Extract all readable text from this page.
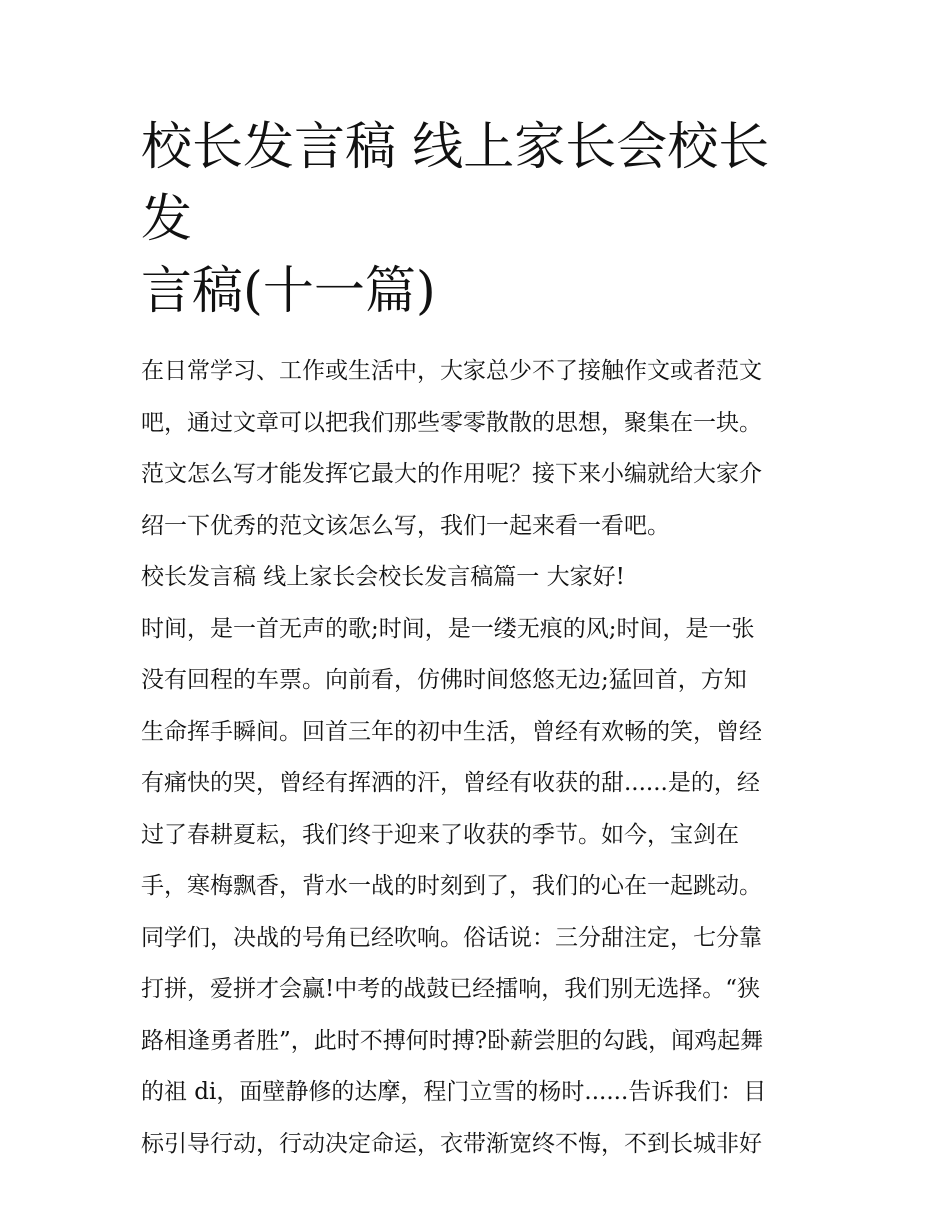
校长发言稿 线上家长会校长发
言稿(十一篇)
在日常学习、工作或生活中，大家总少不了接触作文或者范文
吧，通过文章可以把我们那些零零散散的思想，聚集在一块。
范文怎么写才能发挥它最大的作用呢？接下来小编就给大家介
绍一下优秀的范文该怎么写，我们一起来看一看吧。
校长发言稿 线上家长会校长发言稿篇一 大家好!
时间，是一首无声的歌;时间，是一缕无痕的风;时间，是一张
没有回程的车票。向前看，仿佛时间悠悠无边;猛回首，方知
生命挥手瞬间。回首三年的初中生活，曾经有欢畅的笑，曾经
有痛快的哭，曾经有挥洒的汗，曾经有收获的甜......是的，经
过了春耕夏耘，我们终于迎来了收获的季节。如今，宝剑在
手，寒梅飘香，背水一战的时刻到了，我们的心在一起跳动。
同学们，决战的号角已经吹响。俗话说：三分甜注定，七分靠
打拼，爱拼才会赢!中考的战鼓已经擂响，我们别无选择。“狭
路相逢勇者胜”，此时不搏何时搏?卧薪尝胆的勾践，闻鸡起舞
的祖 di，面壁静修的达摩，程门立雪的杨时......告诉我们：目
标引导行动，行动决定命运，衣带渐宽终不悔，不到长城非好
